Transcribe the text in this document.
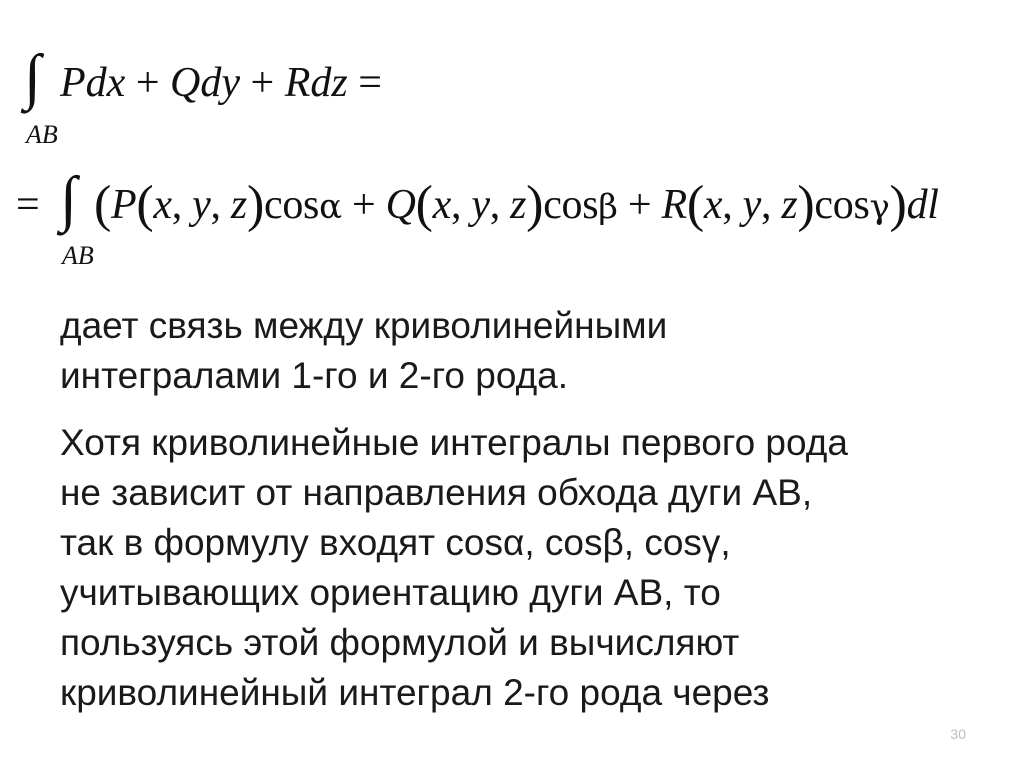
∫
AB
Pdx + Qdy + Rdz =
= ∫
AB
(P(x, y, z)cosα + Q(x, y, z)cosβ + R(x, y, z)cosγ)dl
дает связь между криволинейными
интегралами 1-го и 2-го рода.
Хотя криволинейные интегралы первого рода
не зависит от направления обхода дуги AB,
так в формулу входят cosα, cosβ, cosγ,
учитывающих ориентацию дуги AB, то
пользуясь этой формулой и вычисляют
криволинейный интеграл 2-го рода через
30
